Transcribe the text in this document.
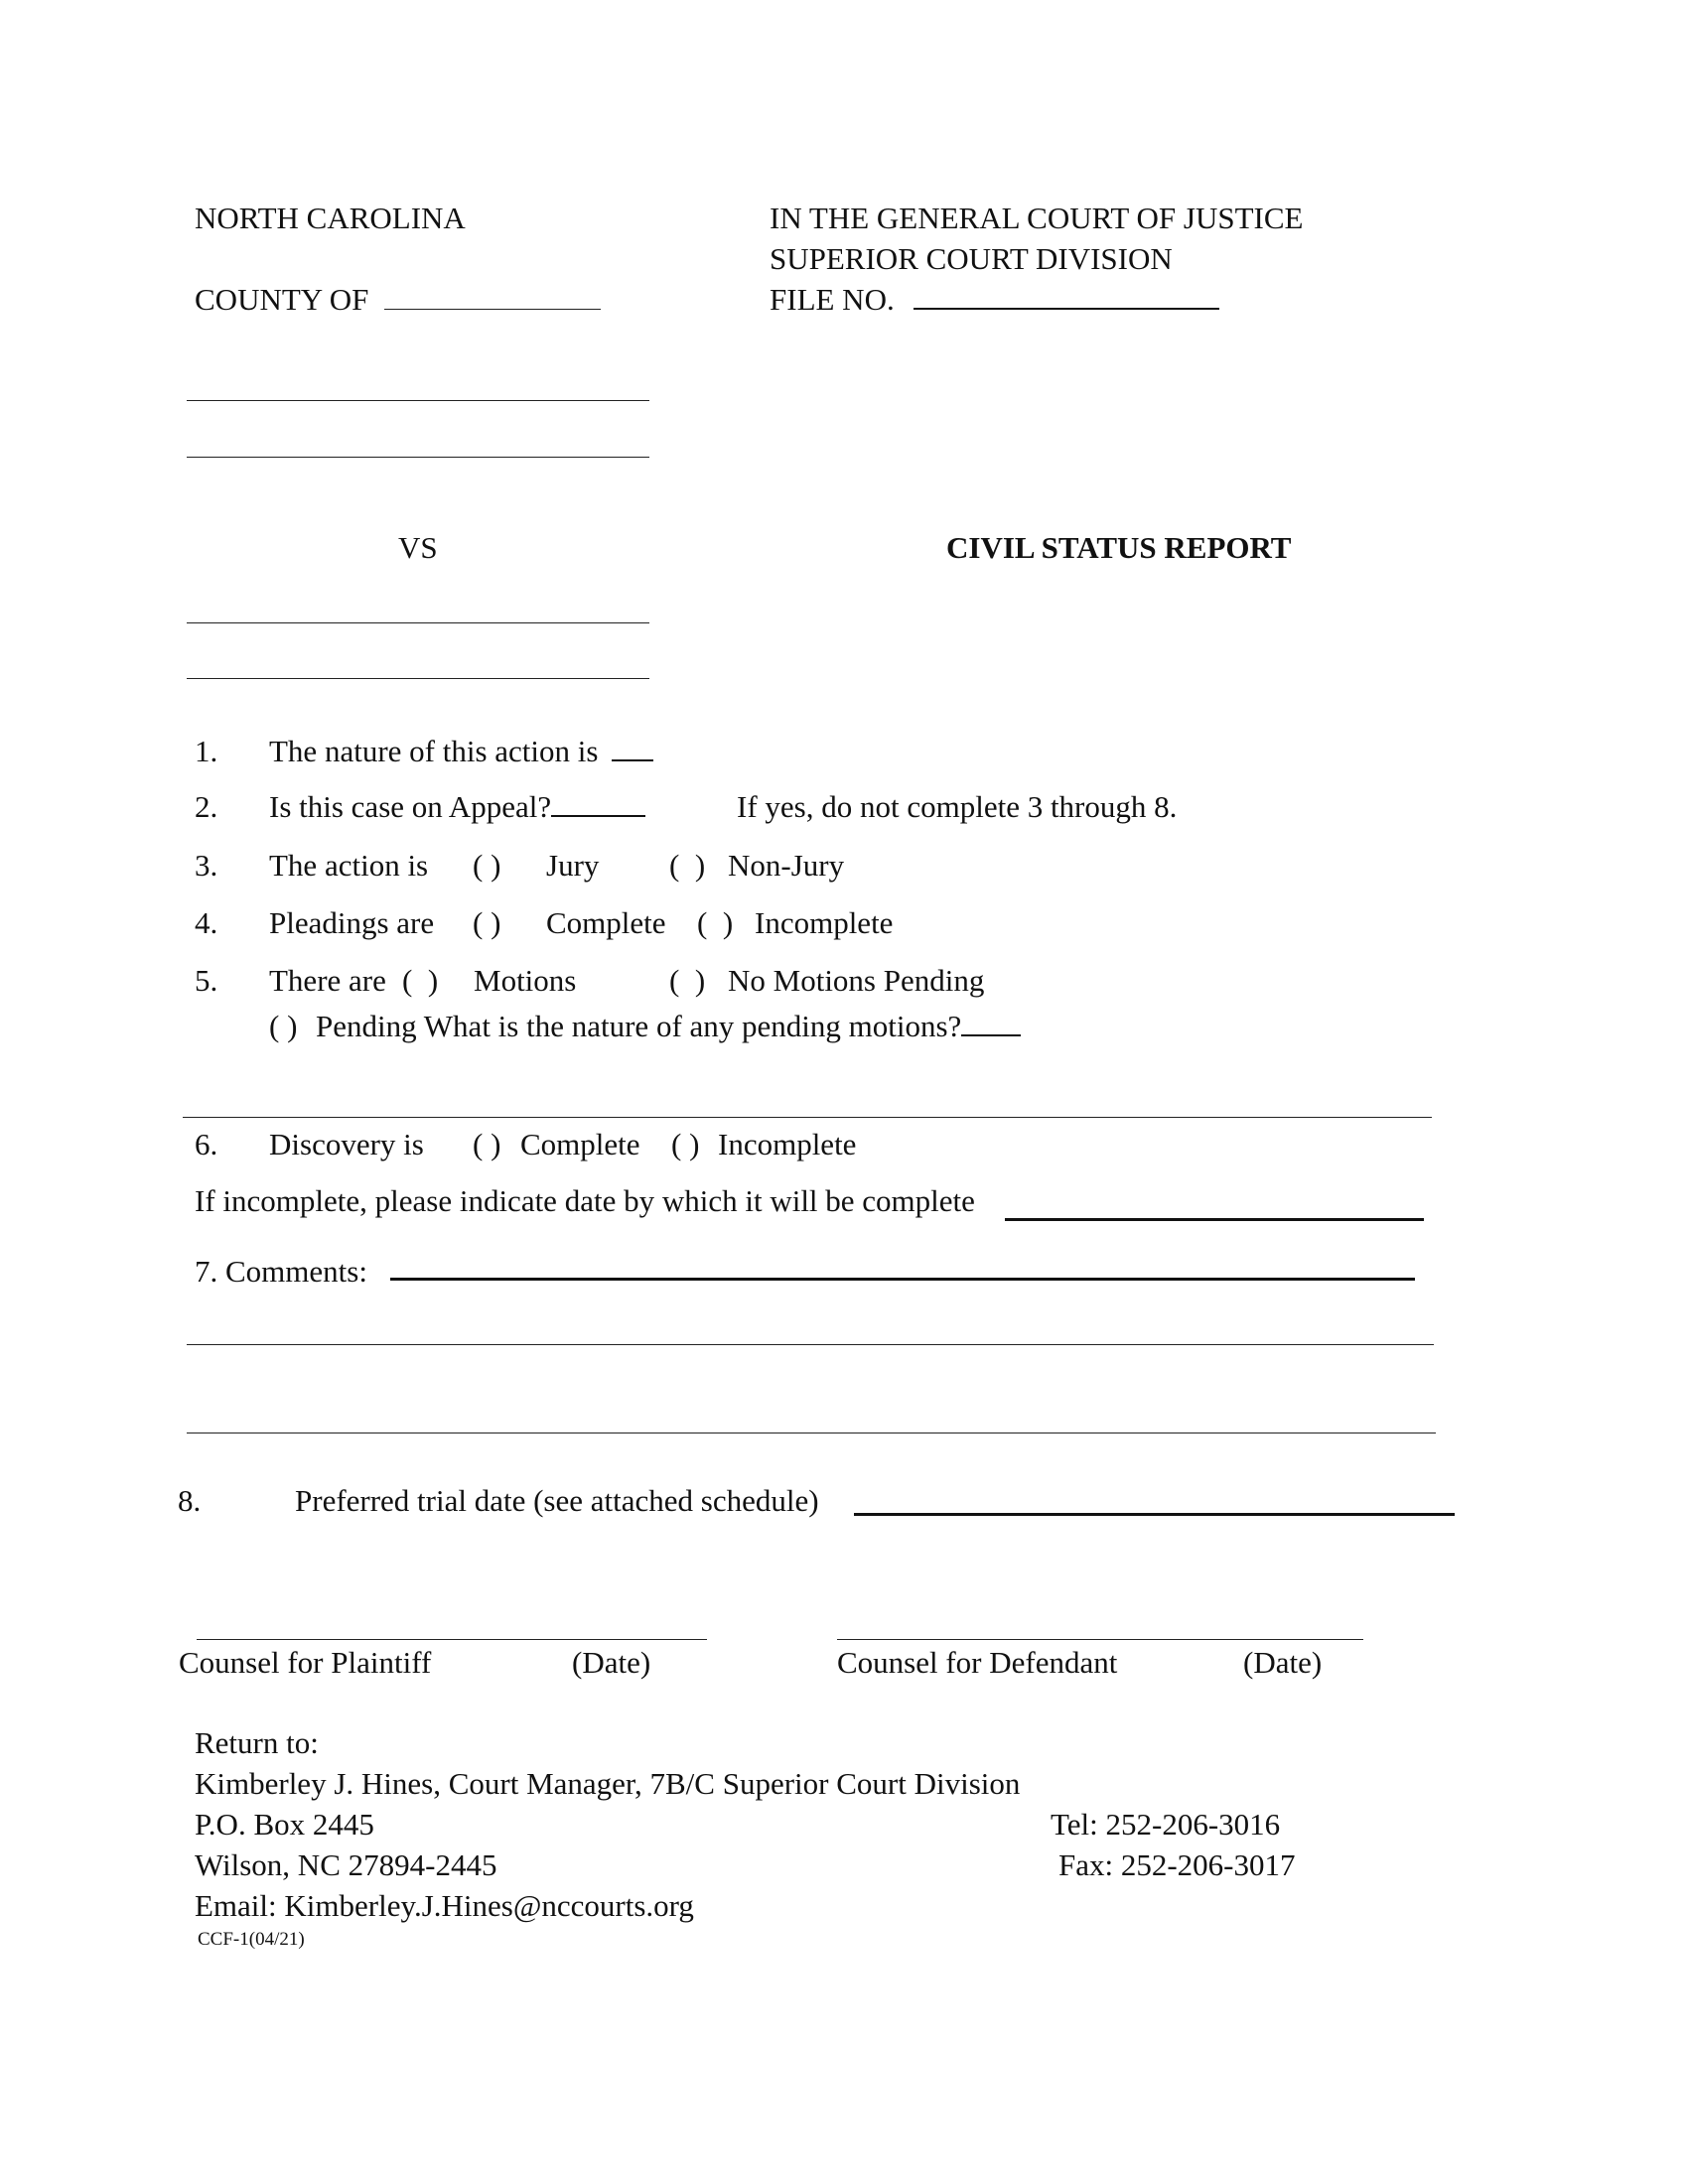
NORTH CAROLINA
COUNTY OF
IN THE GENERAL COURT OF JUSTICE
SUPERIOR COURT DIVISION
FILE NO.
VS	CIVIL STATUS REPORT
1. The nature of this action is
2. Is this case on Appeal?	If yes, do not complete 3 through 8.
3. The action is ( ) Jury (  ) Non-Jury
4. Pleadings are ( ) Complete (  ) Incomplete
5. There are (  ) Motions	(  ) No Motions Pending
( ) Pending What is the nature of any pending motions?
6. Discovery is ( ) Complete ( ) Incomplete
If incomplete, please indicate date by which it will be complete
7. Comments:
8.	Preferred trial date (see attached schedule)
Counsel for Plaintiff	(Date)	Counsel for Defendant	(Date)
Return to:
Kimberley J. Hines, Court Manager, 7B/C Superior Court Division
P.O. Box 2445
Wilson, NC 27894-2445
Email: Kimberley.J.Hines@nccourts.org
Tel: 252-206-3016
Fax: 252-206-3017
CCF-1(04/21)
